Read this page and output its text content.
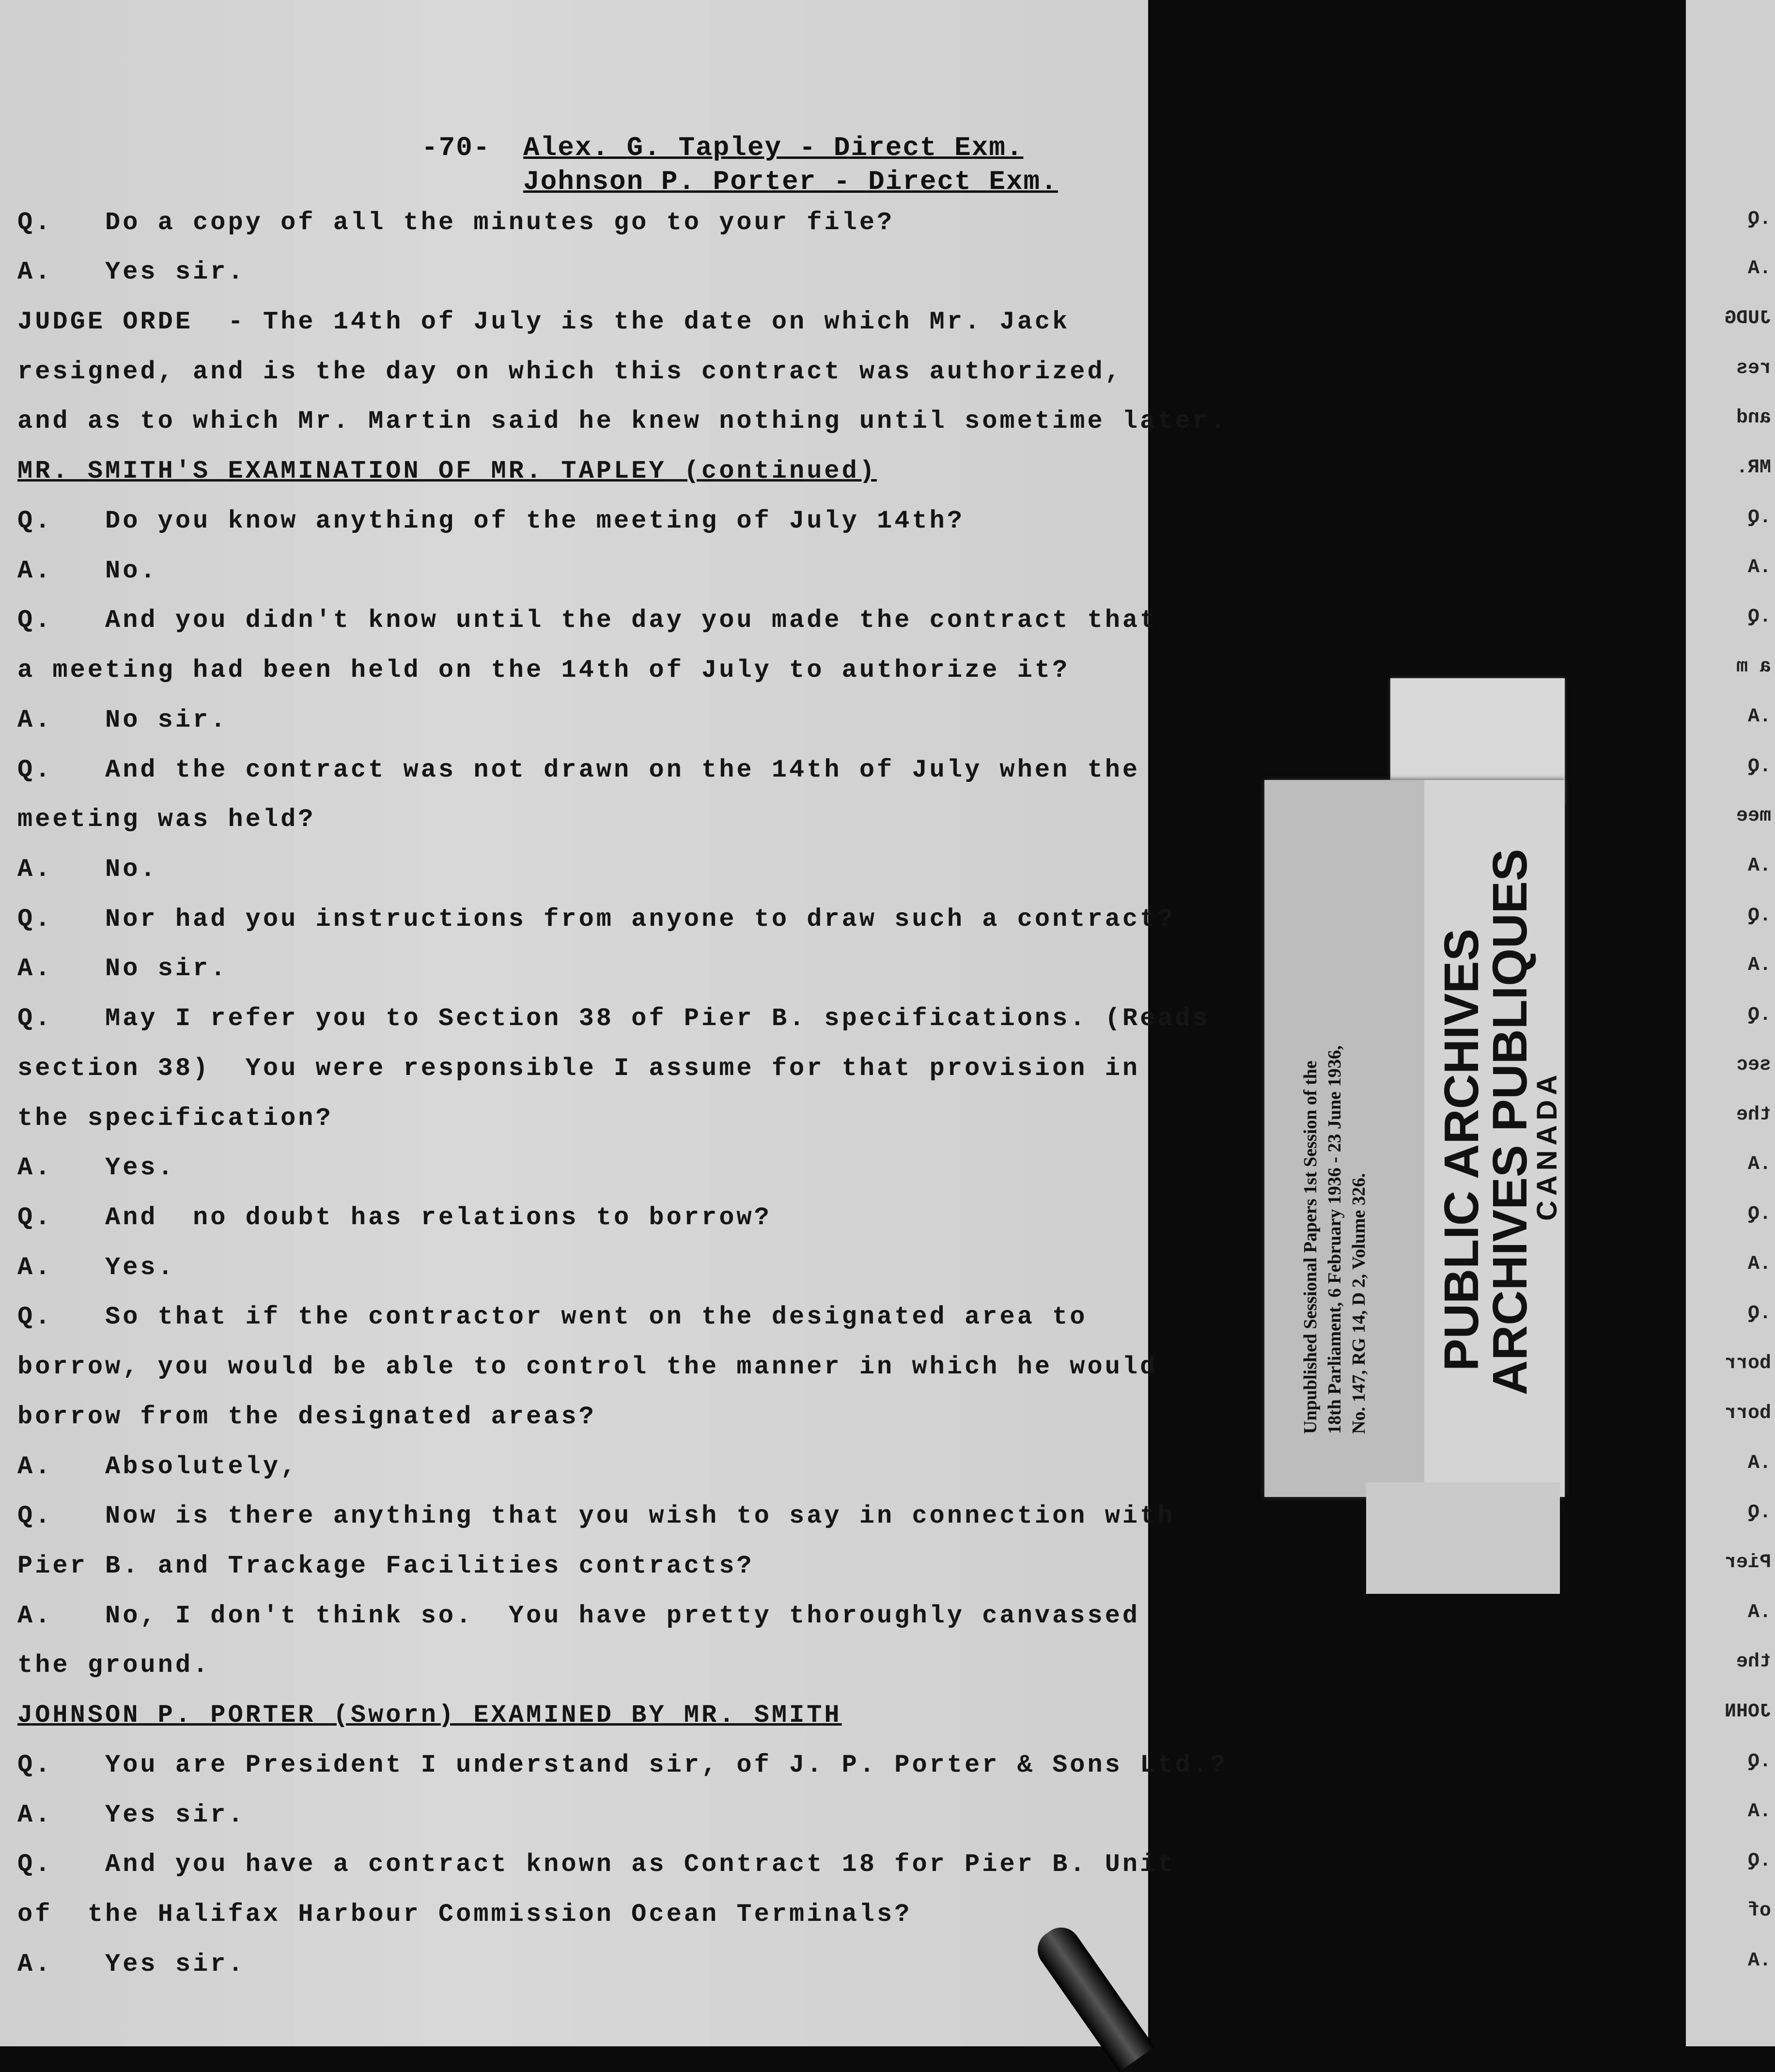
-70- Alex. G. Tapley - Direct Exm.
Johnson P. Porter - Direct Exm.
Q.   Do a copy of all the minutes go to your file?
A.   Yes sir.
JUDGE ORDE  - The 14th of July is the date on which Mr. Jack
resigned, and is the day on which this contract was authorized,
and as to which Mr. Martin said he knew nothing until sometime later.
MR. SMITH'S EXAMINATION OF MR. TAPLEY (continued)
Q.   Do you know anything of the meeting of July 14th?
A.   No.
Q.   And you didn't know until the day you made the contract that
a meeting had been held on the 14th of July to authorize it?
A.   No sir.
Q.   And the contract was not drawn on the 14th of July when the
meeting was held?
A.   No.
Q.   Nor had you instructions from anyone to draw such a contract?
A.   No sir.
Q.   May I refer you to Section 38 of Pier B. specifications. (Reads
section 38)  You were responsible I assume for that provision in
the specification?
A.   Yes.
Q.   And  no doubt has relations to borrow?
A.   Yes.
Q.   So that if the contractor went on the designated area to
borrow, you would be able to control the manner in which he would
borrow from the designated areas?
A.   Absolutely,
Q.   Now is there anything that you wish to say in connection with
Pier B. and Trackage Facilities contracts?
A.   No, I don't think so.  You have pretty thoroughly canvassed
the ground.
JOHNSON P. PORTER (Sworn) EXAMINED BY MR. SMITH
Q.   You are President I understand sir, of J. P. Porter & Sons Ltd.?
A.   Yes sir.
Q.   And you have a contract known as Contract 18 for Pier B. Unit
of  the Halifax Harbour Commission Ocean Terminals?
A.   Yes sir.
Unpublished Sessional Papers 1st Session of the 18th Parliament, 6 February 1936 - 23 June 1936, No. 147, RG 14, D 2, Volume 326. PUBLIC ARCHIVES
ARCHIVES PUBLIQUES
CANADA
.Q
.A
JUDG
res
and
MR.
.Q
.A
.Q
a m
.A
.Q
mee
.A
.Q
.A
.Q
sec
the
.A
.Q
.A
.Q
borr
borr
.A
.Q
Pier
.A
the
JOHN
.Q
.A
.Q
of
.A
